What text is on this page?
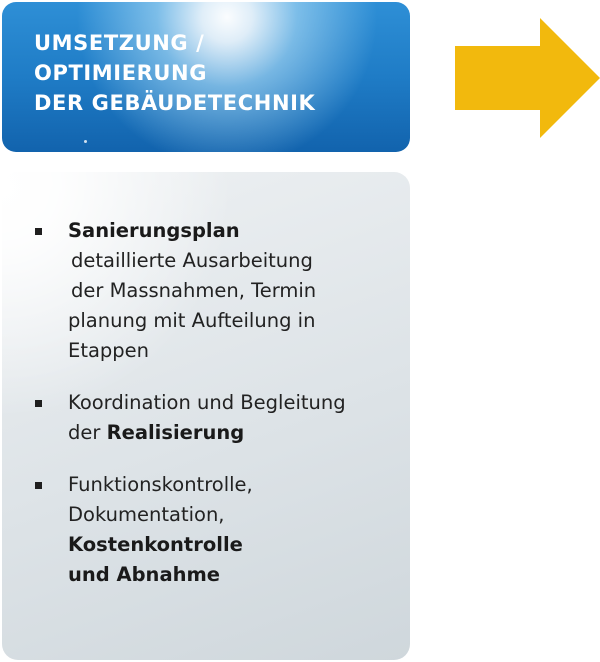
UMSETZUNG /
OPTIMIERUNG
DER GEBÄUDETECHNIK
Sanierungsplan
detaillierte Ausarbeitung
der Massnahmen, Termin
planung mit Aufteilung in
Etappen
Koordination und Begleitung
der Realisierung
Funktionskontrolle,
Dokumentation,
Kostenkontrolle
und Abnahme
